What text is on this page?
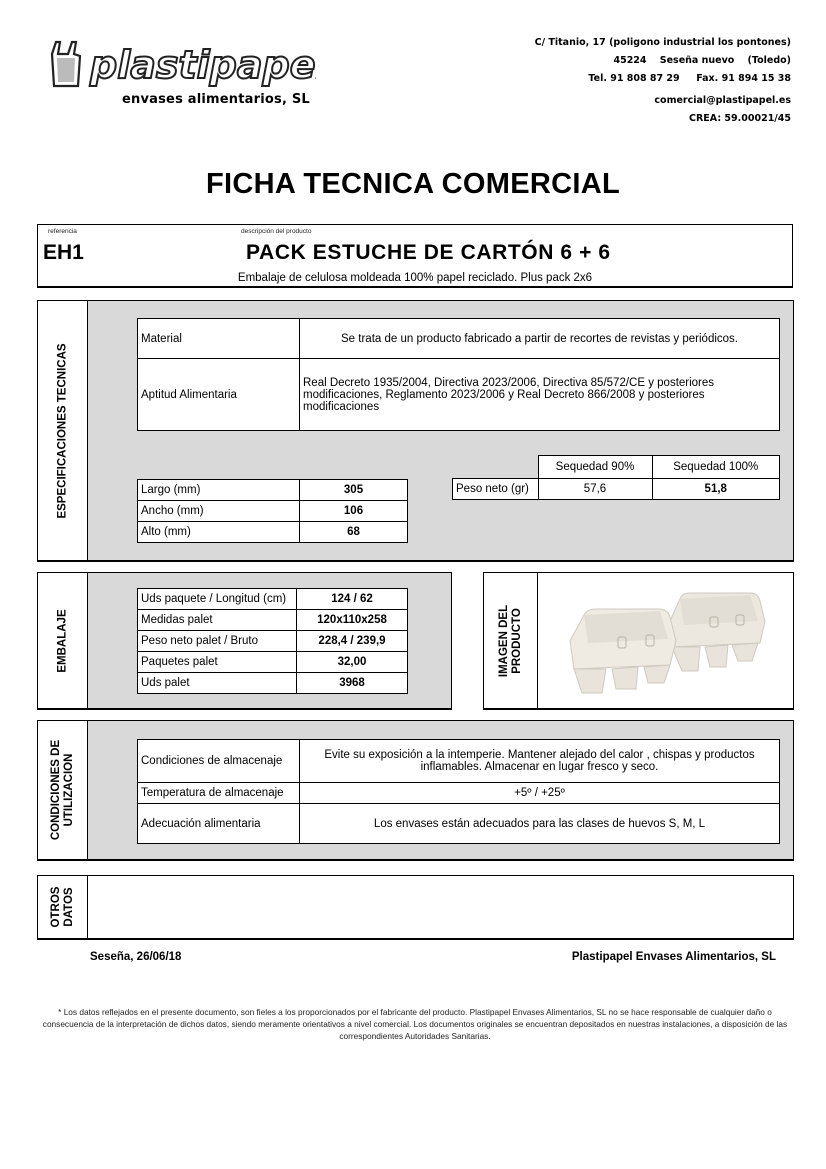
plastipapel
envases alimentarios, SL
C/ Titanio, 17 (poligono industrial los pontones)
45224    Seseña nuevo    (Toledo)
Tel. 91 808 87 29     Fax. 91 894 15 38
comercial@plastipapel.es
CREA: 59.00021/45
FICHA TECNICA COMERCIAL
referencia	descripción del producto
EH1	PACK ESTUCHE DE CARTÓN 6 + 6
Embalaje de celulosa moldeada 100% papel reciclado. Plus pack 2x6
ESPECIFICACIONES TECNICAS
Material	Se trata de un producto fabricado a partir de recortes de revistas y periódicos.
Aptitud Alimentaria	Real Decreto 1935/2004, Directiva 2023/2006, Directiva 85/572/CE y posteriores modificaciones, Reglamento 2023/2006 y Real Decreto 866/2008 y posteriores modificaciones
Largo (mm)	305
Ancho (mm)	106
Alto (mm)	68
	Sequedad 90%	Sequedad 100%
Peso neto (gr)	57,6	51,8
EMBALAJE
Uds paquete / Longitud (cm)	124 / 62
Medidas palet	120x110x258
Peso neto palet / Bruto	228,4 / 239,9
Paquetes palet	32,00
Uds palet	3968
IMAGEN DEL PRODUCTO
CONDICIONES DE UTILIZACION	Condiciones de almacenaje	Evite su exposición a la intemperie. Mantener alejado del calor , chispas y productos inflamables. Almacenar en lugar fresco y seco.
Temperatura de almacenaje	+5º / +25º
Adecuación alimentaria	Los envases están adecuados para las clases de huevos S, M, L
OTROS DATOS
Seseña, 26/06/18	Plastipapel Envases Alimentarios, SL
* Los datos reflejados en el presente documento, son fieles a los proporcionados por el fabricante del producto. Plastipapel Envases Alimentarios, SL no se hace responsable de cualquier daño o consecuencia de la interpretación de dichos datos, siendo meramente orientativos a nivel comercial. Los documentos originales se encuentran depositados en nuestras instalaciones, a disposición de las correspondientes Autoridades Sanitarias.
